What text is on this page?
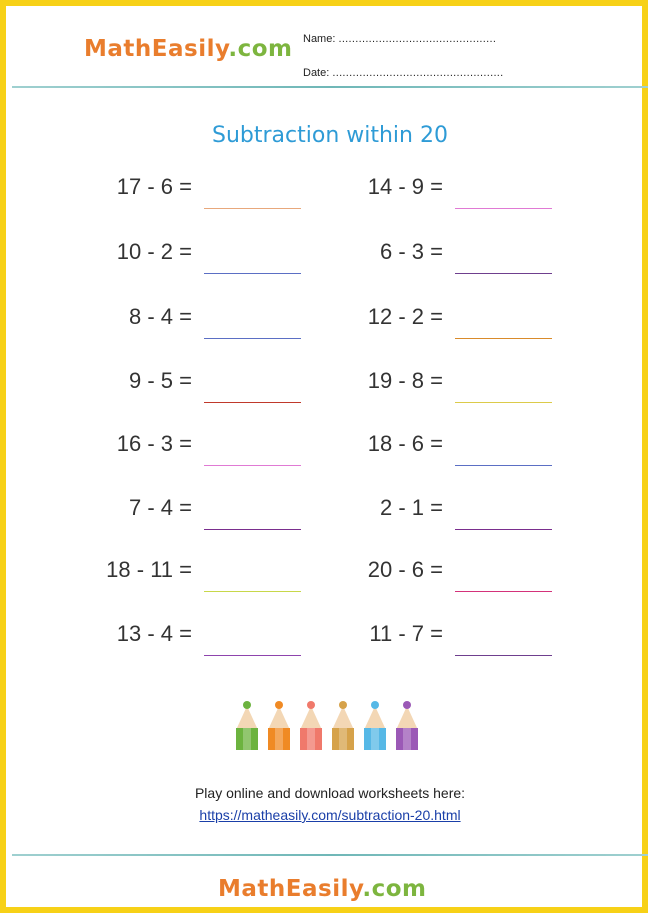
MathEasily.com Name: ...............................................
Date: ...................................................
Subtraction within 20
17 - 6 =
10 - 2 =
8 - 4 =
9 - 5 =
16 - 3 =
7 - 4 =
18 - 11 =
13 - 4 =
14 - 9 =
6 - 3 =
12 - 2 =
19 - 8 =
18 - 6 =
2 - 1 =
20 - 6 =
11 - 7 =
Play online and download worksheets here:
https://matheasily.com/subtraction-20.html
MathEasily.com
